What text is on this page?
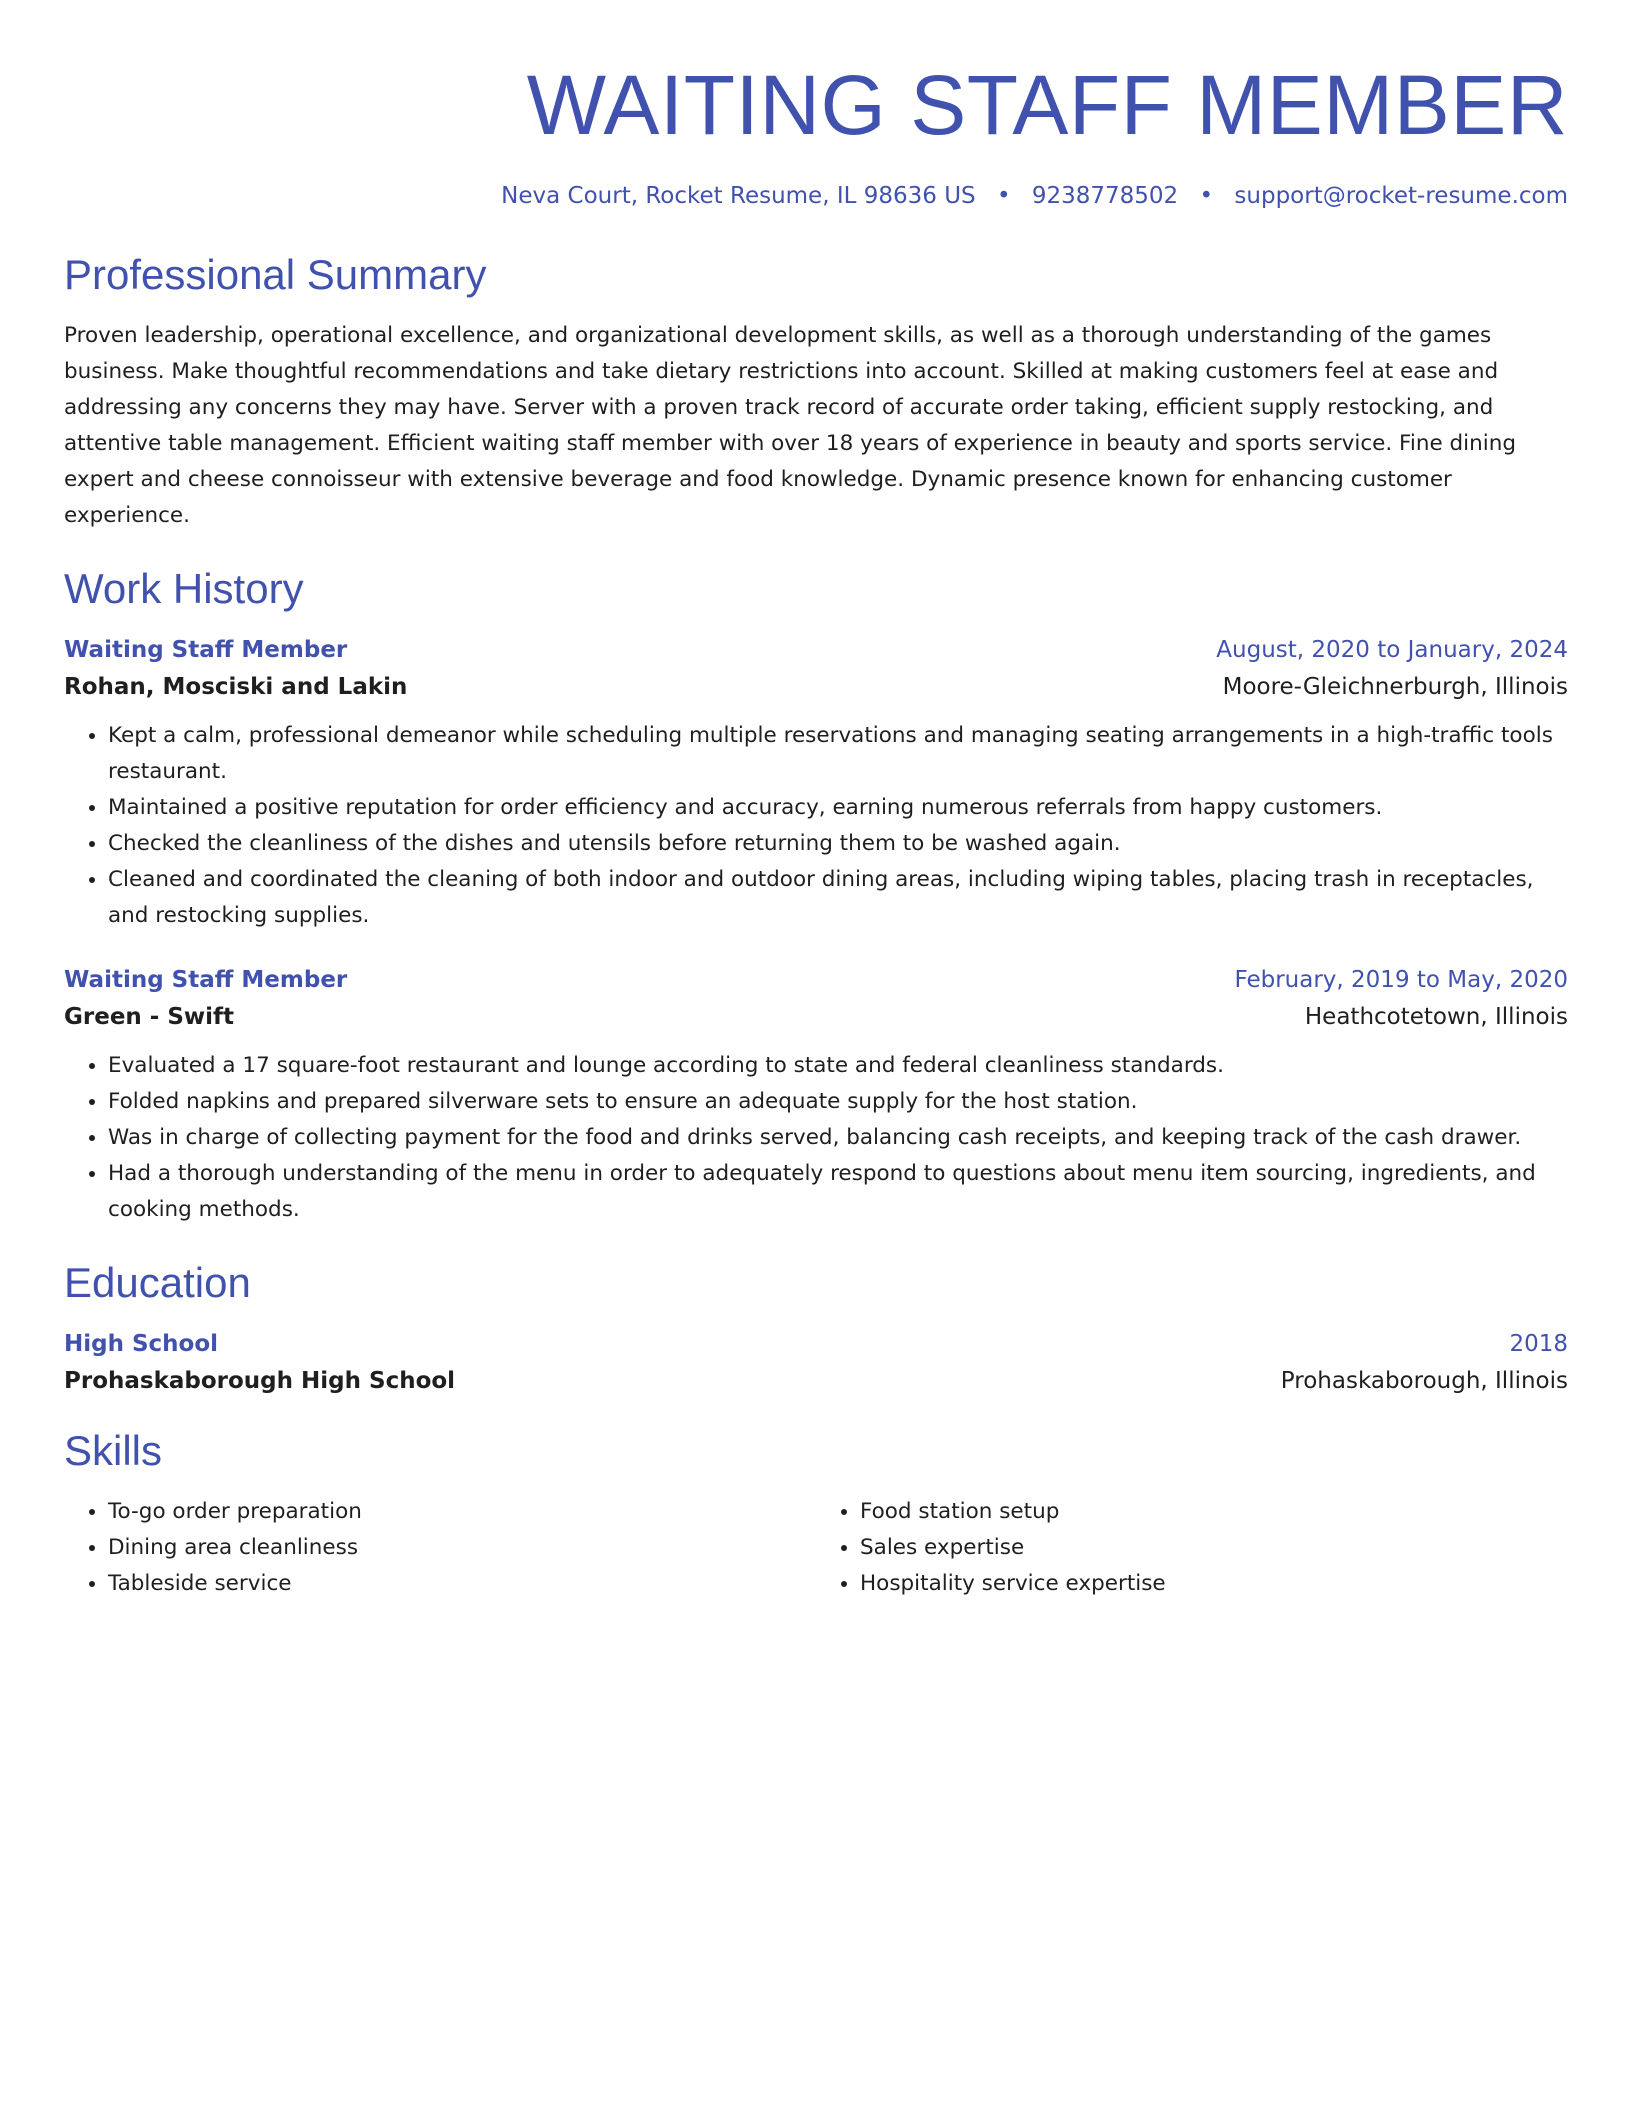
WAITING STAFF MEMBER
Neva Court, Rocket Resume, IL 98636 US • 9238778502 • support@rocket-resume.com
Professional Summary
Proven leadership, operational excellence, and organizational development skills, as well as a thorough understanding of the games business. Make thoughtful recommendations and take dietary restrictions into account. Skilled at making customers feel at ease and addressing any concerns they may have. Server with a proven track record of accurate order taking, efficient supply restocking, and attentive table management. Efficient waiting staff member with over 18 years of experience in beauty and sports service. Fine dining expert and cheese connoisseur with extensive beverage and food knowledge. Dynamic presence known for enhancing customer experience.
Work History
Waiting Staff Member	August, 2020 to January, 2024
Rohan, Mosciski and Lakin	Moore-Gleichnerburgh, Illinois
• Kept a calm, professional demeanor while scheduling multiple reservations and managing seating arrangements in a high-traffic tools restaurant.
• Maintained a positive reputation for order efficiency and accuracy, earning numerous referrals from happy customers.
• Checked the cleanliness of the dishes and utensils before returning them to be washed again.
• Cleaned and coordinated the cleaning of both indoor and outdoor dining areas, including wiping tables, placing trash in receptacles, and restocking supplies.
Waiting Staff Member	February, 2019 to May, 2020
Green - Swift	Heathcotetown, Illinois
• Evaluated a 17 square-foot restaurant and lounge according to state and federal cleanliness standards.
• Folded napkins and prepared silverware sets to ensure an adequate supply for the host station.
• Was in charge of collecting payment for the food and drinks served, balancing cash receipts, and keeping track of the cash drawer.
• Had a thorough understanding of the menu in order to adequately respond to questions about menu item sourcing, ingredients, and cooking methods.
Education
High School	2018
Prohaskaborough High School	Prohaskaborough, Illinois
Skills
• To-go order preparation
• Dining area cleanliness
• Tableside service
• Food station setup
• Sales expertise
• Hospitality service expertise
